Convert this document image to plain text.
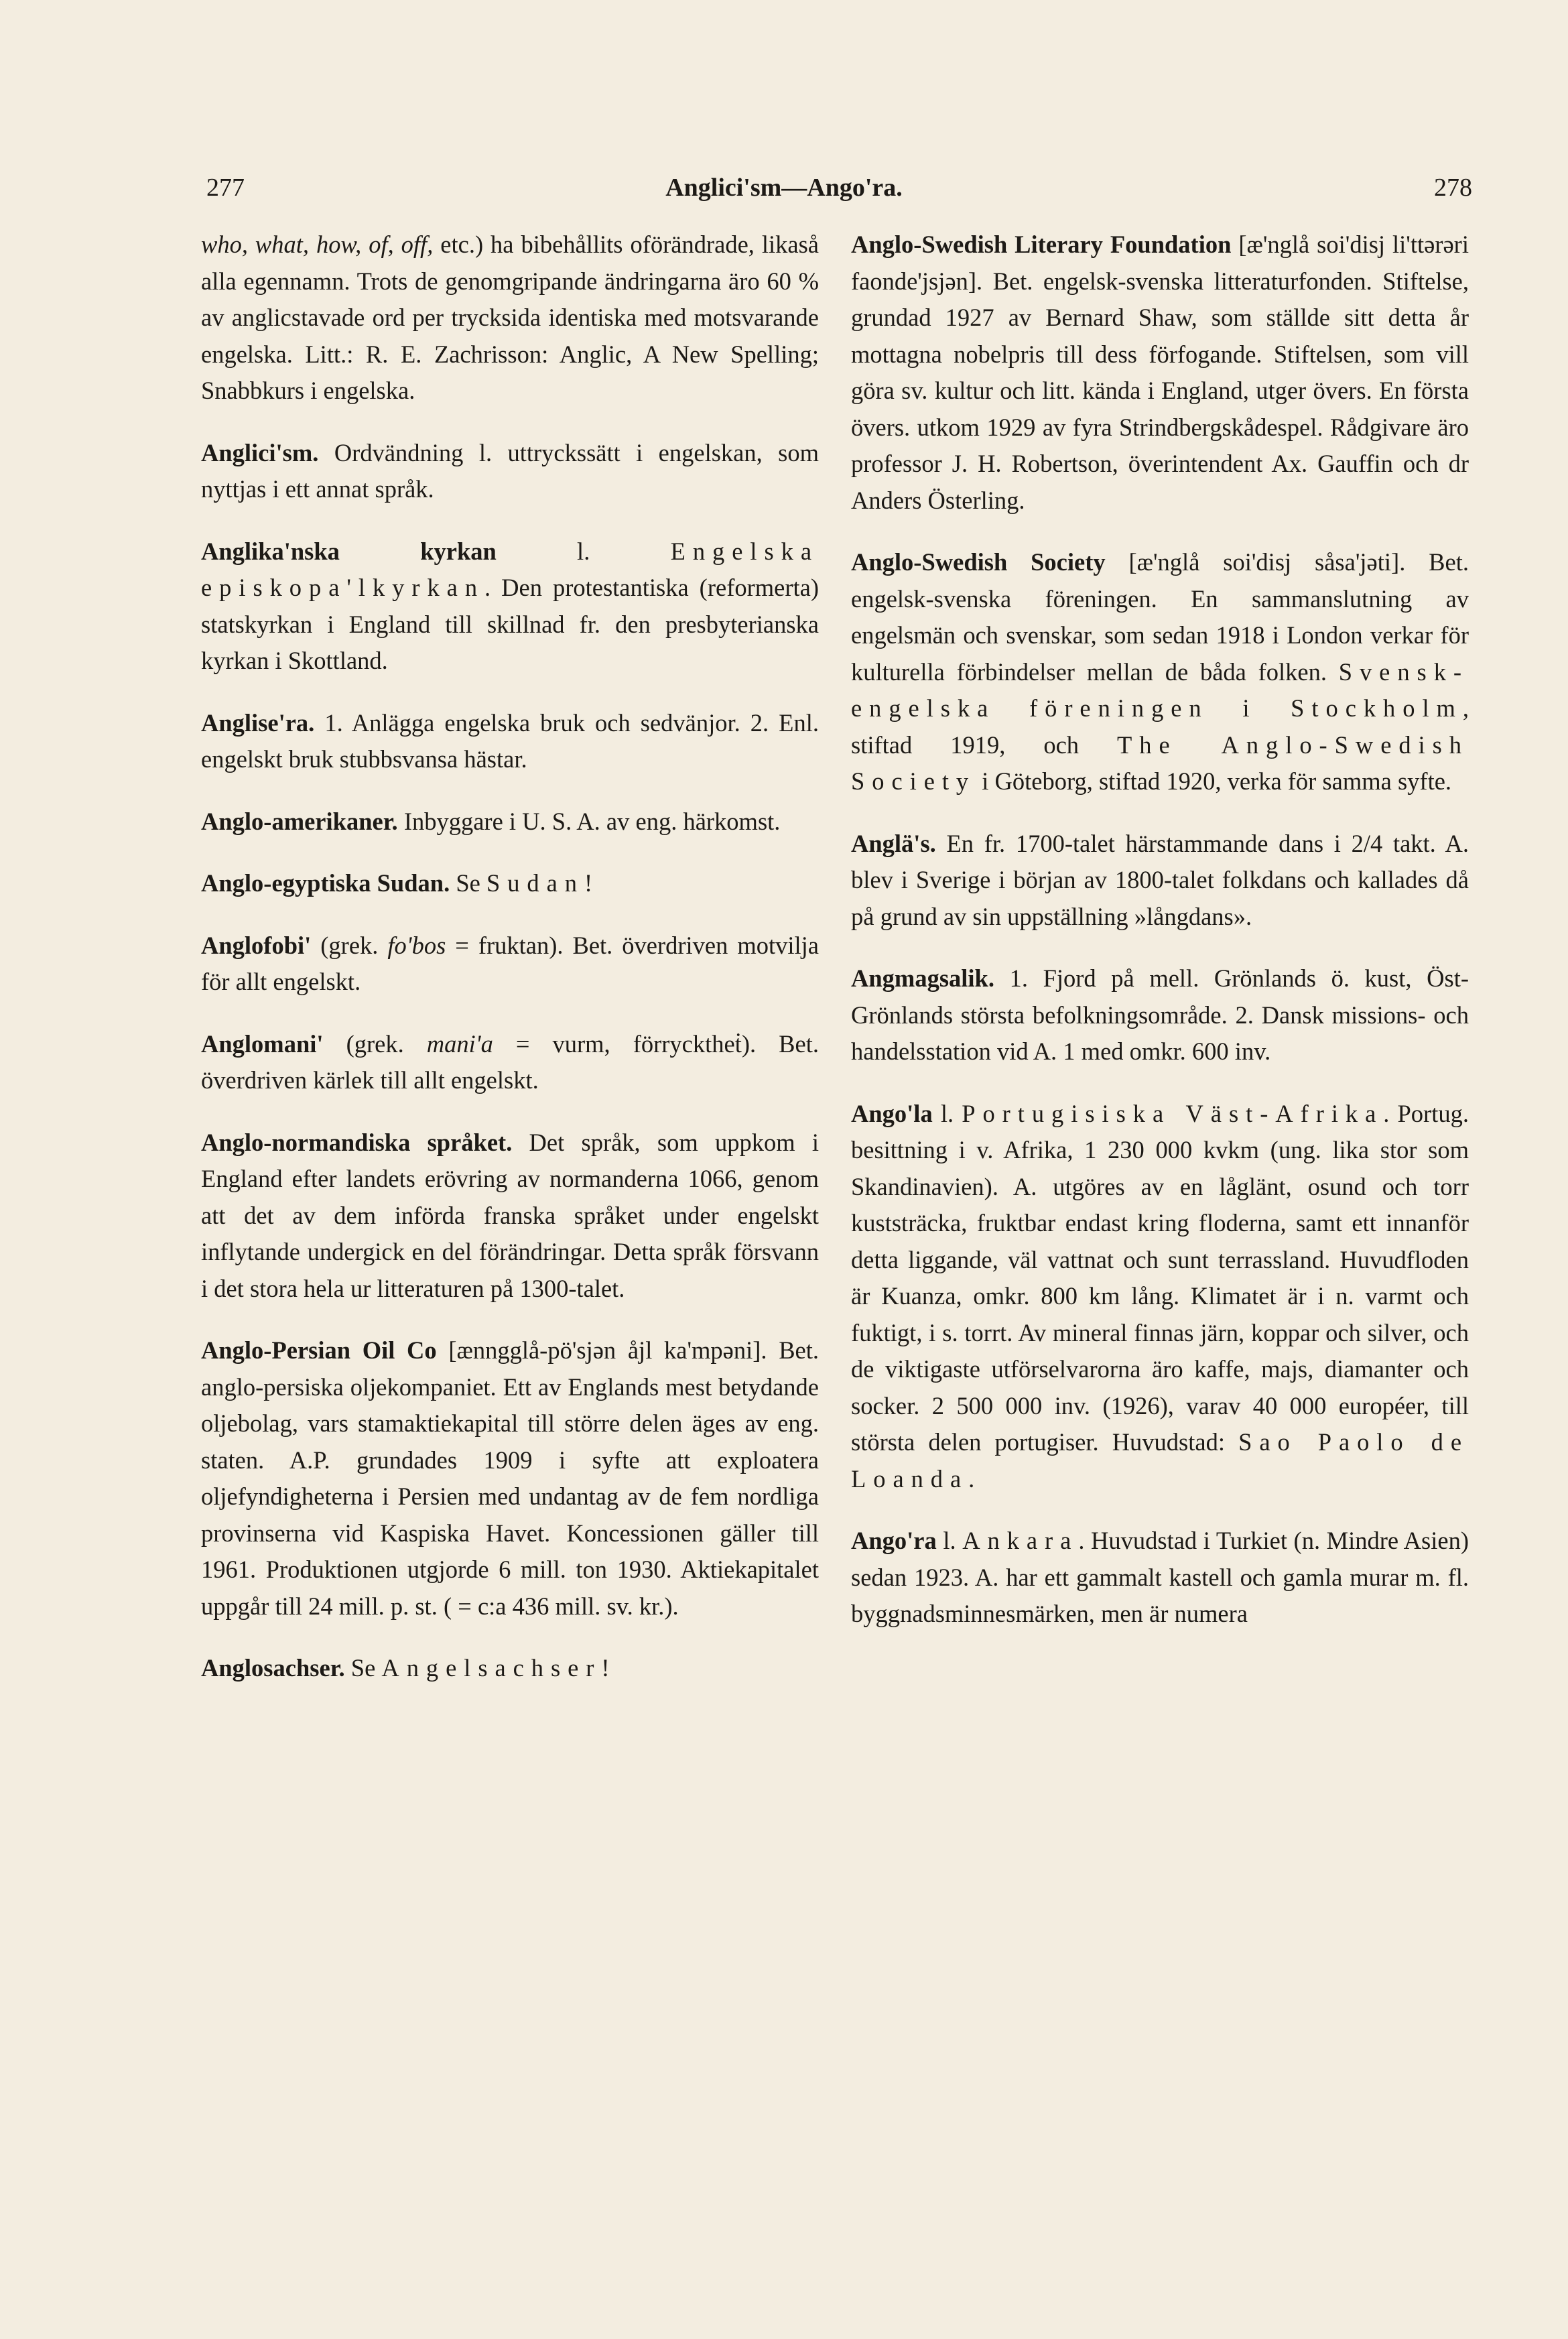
277	Anglici'sm—Ango'ra.	278

who, what, how, of, off, etc.) ha bibehållits oförändrade, likaså alla egennamn. Trots de genomgripande ändringarna äro 60 % av anglicstavade ord per trycksida identiska med motsvarande engelska. Litt.: R. E. Zachrisson: Anglic, A New Spelling; Snabbkurs i engelska.

Anglici'sm. Ordvändning l. uttryckssätt i engelskan, som nyttjas i ett annat språk.

Anglika'nska kyrkan l. Engelska episkopa'lkyrkan. Den protestantiska (reformerta) statskyrkan i England till skillnad fr. den presbyterianska kyrkan i Skottland.

Anglise'ra. 1. Anlägga engelska bruk och sedvänjor. 2. Enl. engelskt bruk stubbsvansa hästar.

Anglo-amerikaner. Inbyggare i U. S. A. av eng. härkomst.

Anglo-egyptiska Sudan. Se Sudan!

Anglofobi' (grek. fo'bos = fruktan). Bet. överdriven motvilja för allt engelskt.

Anglomani' (grek. mani'a = vurm, förrycktheṫ). Bet. överdriven kärlek till allt engelskt.

Anglo-normandiska språket. Det språk, som uppkom i England efter landets erövring av normanderna 1066, genom att det av dem införda franska språket under engelskt inflytande undergick en del förändringar. Detta språk försvann i det stora hela ur litteraturen på 1300-talet.

Anglo-Persian Oil Co [ænngglå-pö'sjən åjl ka'mpəni]. Bet. anglo-persiska oljekompaniet. Ett av Englands mest betydande oljebolag, vars stamaktiekapital till större delen äges av eng. staten. A.P. grundades 1909 i syfte att exploatera oljefyndigheterna i Persien med undantag av de fem nordliga provinserna vid Kaspiska Havet. Koncessionen gäller till 1961. Produktionen utgjorde 6 mill. ton 1930. Aktiekapitalet uppgår till 24 mill. p. st. ( = c:a 436 mill. sv. kr.).

Anglosachser. Se Angelsachser!

Anglo-Swedish Literary Foundation [æ'nglå soi'disj li'ttərəri faonde'jsjən]. Bet. engelsk-svenska litteraturfonden. Stiftelse, grundad 1927 av Bernard Shaw, som ställde sitt detta år mottagna nobelpris till dess förfogande. Stiftelsen, som vill göra sv. kultur och litt. kända i England, utger övers. En första övers. utkom 1929 av fyra Strindbergskådespel. Rådgivare äro professor J. H. Robertson, överintendent Ax. Gauffin och dr Anders Österling.

Anglo-Swedish Society [æ'nglå soi'disj såsa'jəti]. Bet. engelsk-svenska föreningen. En sammanslutning av engelsmän och svenskar, som sedan 1918 i London verkar för kulturella förbindelser mellan de båda folken. Svensk-engelska föreningen i Stockholm, stiftad 1919, och The Anglo-Swedish Society i Göteborg, stiftad 1920, verka för samma syfte.

Anglä's. En fr. 1700-talet härstammande dans i 2/4 takt. A. blev i Sverige i början av 1800-talet folkdans och kallades då på grund av sin uppställning »långdans».

Angmagsalik. 1. Fjord på mell. Grönlands ö. kust, Öst-Grönlands största befolkningsområde. 2. Dansk missions- och handelsstation vid A. 1 med omkr. 600 inv.

Ango'la l. Portugisiska Väst-Afrika. Portug. besittning i v. Afrika, 1 230 000 kvkm (ung. lika stor som Skandinavien). A. utgöres av en låglänt, osund och torr kuststräcka, fruktbar endast kring floderna, samt ett innanför detta liggande, väl vattnat och sunt terrassland. Huvudfloden är Kuanza, omkr. 800 km lång. Klimatet är i n. varmt och fuktigt, i s. torrt. Av mineral finnas järn, koppar och silver, och de viktigaste utförselvarorna äro kaffe, majs, diamanter och socker. 2 500 000 inv. (1926), varav 40 000 européer, till största delen portugiser. Huvudstad: Sao Paolo de Loanda.

Ango'ra l. Ankara. Huvudstad i Turkiet (n. Mindre Asien) sedan 1923. A. har ett gammalt kastell och gamla murar m. fl. byggnadsminnesmärken, men är numera
